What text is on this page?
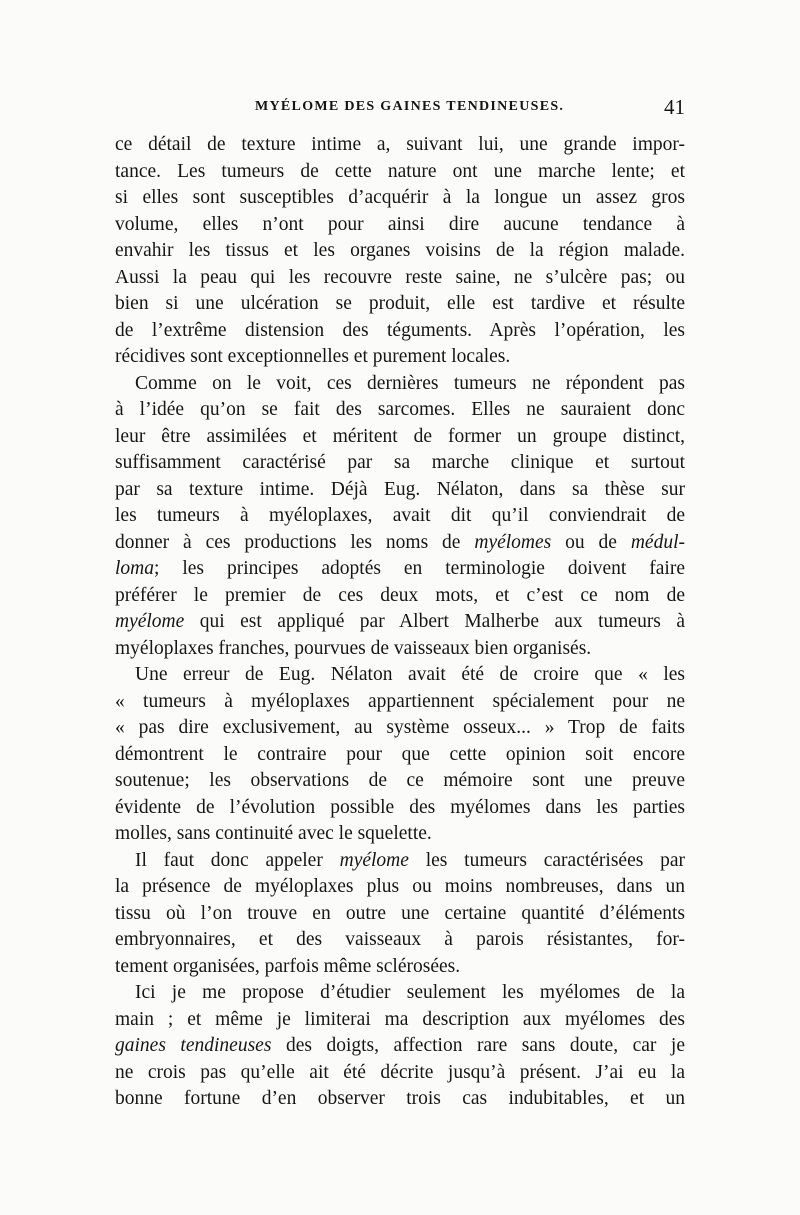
MYÉLOME DES GAINES TENDINEUSES.	41
ce détail de texture intime a, suivant lui, une grande impor-
tance. Les tumeurs de cette nature ont une marche lente; et
si elles sont susceptibles d’acquérir à la longue un assez gros
volume, elles n’ont pour ainsi dire aucune tendance à
envahir les tissus et les organes voisins de la région malade.
Aussi la peau qui les recouvre reste saine, ne s’ulcère pas; ou
bien si une ulcération se produit, elle est tardive et résulte
de l’extrême distension des téguments. Après l’opération, les
récidives sont exceptionnelles et purement locales.
Comme on le voit, ces dernières tumeurs ne répondent pas
à l’idée qu’on se fait des sarcomes. Elles ne sauraient donc
leur être assimilées et méritent de former un groupe distinct,
suffisamment caractérisé par sa marche clinique et surtout
par sa texture intime. Déjà Eug. Nélaton, dans sa thèse sur
les tumeurs à myéloplaxes, avait dit qu’il conviendrait de
donner à ces productions les noms de myélomes ou de médul-
loma; les principes adoptés en terminologie doivent faire
préférer le premier de ces deux mots, et c’est ce nom de
myélome qui est appliqué par Albert Malherbe aux tumeurs à
myéloplaxes franches, pourvues de vaisseaux bien organisés.
Une erreur de Eug. Nélaton avait été de croire que « les
« tumeurs à myéloplaxes appartiennent spécialement pour ne
« pas dire exclusivement, au système osseux... » Trop de faits
démontrent le contraire pour que cette opinion soit encore
soutenue; les observations de ce mémoire sont une preuve
évidente de l’évolution possible des myélomes dans les parties
molles, sans continuité avec le squelette.
Il faut donc appeler myélome les tumeurs caractérisées par
la présence de myéloplaxes plus ou moins nombreuses, dans un
tissu où l’on trouve en outre une certaine quantité d’éléments
embryonnaires, et des vaisseaux à parois résistantes, for-
tement organisées, parfois même sclérosées.
Ici je me propose d’étudier seulement les myélomes de la
main ; et même je limiterai ma description aux myélomes des
gaines tendineuses des doigts, affection rare sans doute, car je
ne crois pas qu’elle ait été décrite jusqu’à présent. J’ai eu la
bonne fortune d’en observer trois cas indubitables, et un
